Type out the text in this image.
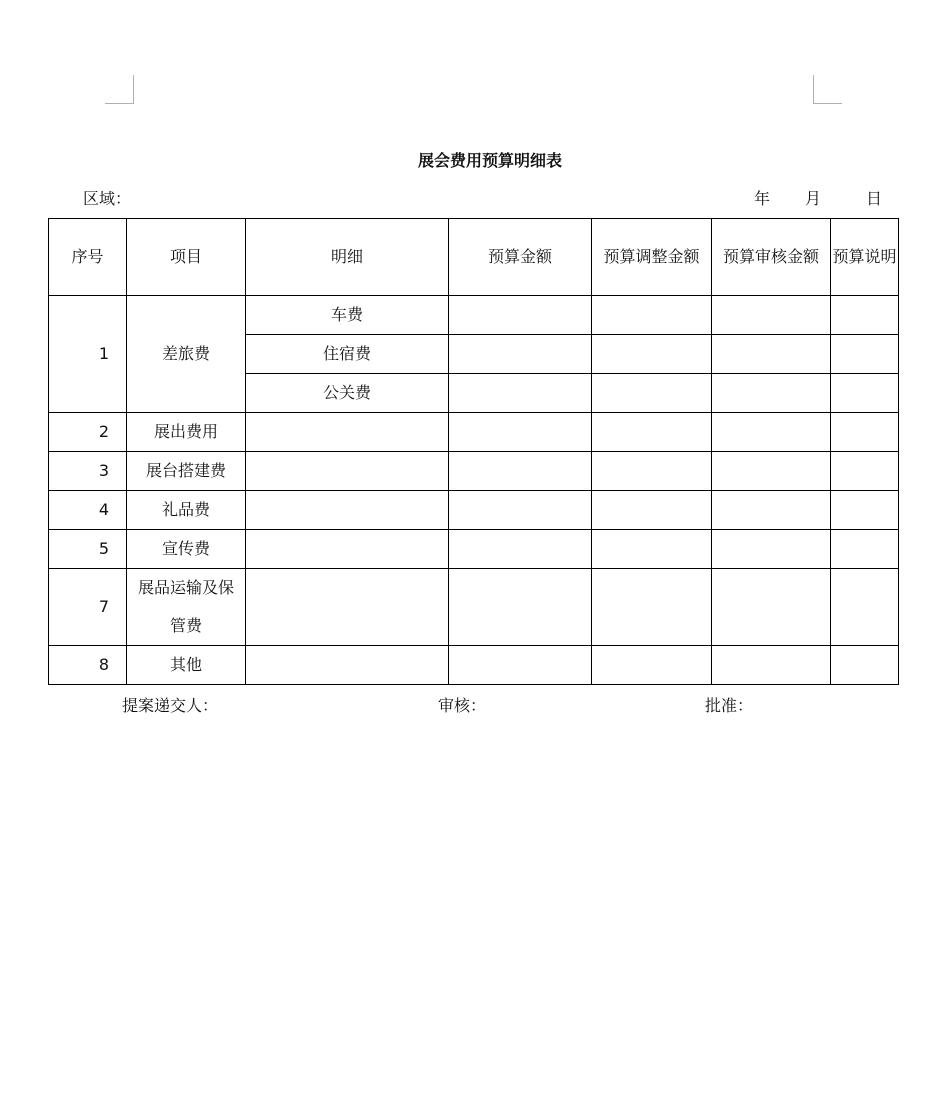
展会费用预算明细表
区域：	年 月	日
序号	项目	明细	预算金额	预算调整金额	预算审核金额	预算说明
1	差旅费	车费				
		住宿费				
		公关费				
2	展出费用					
3	展台搭建费					
4	礼品费					
5	宣传费					
7	展品运输及保管费					
8	其他					
提案递交人：	审核：	批准：
